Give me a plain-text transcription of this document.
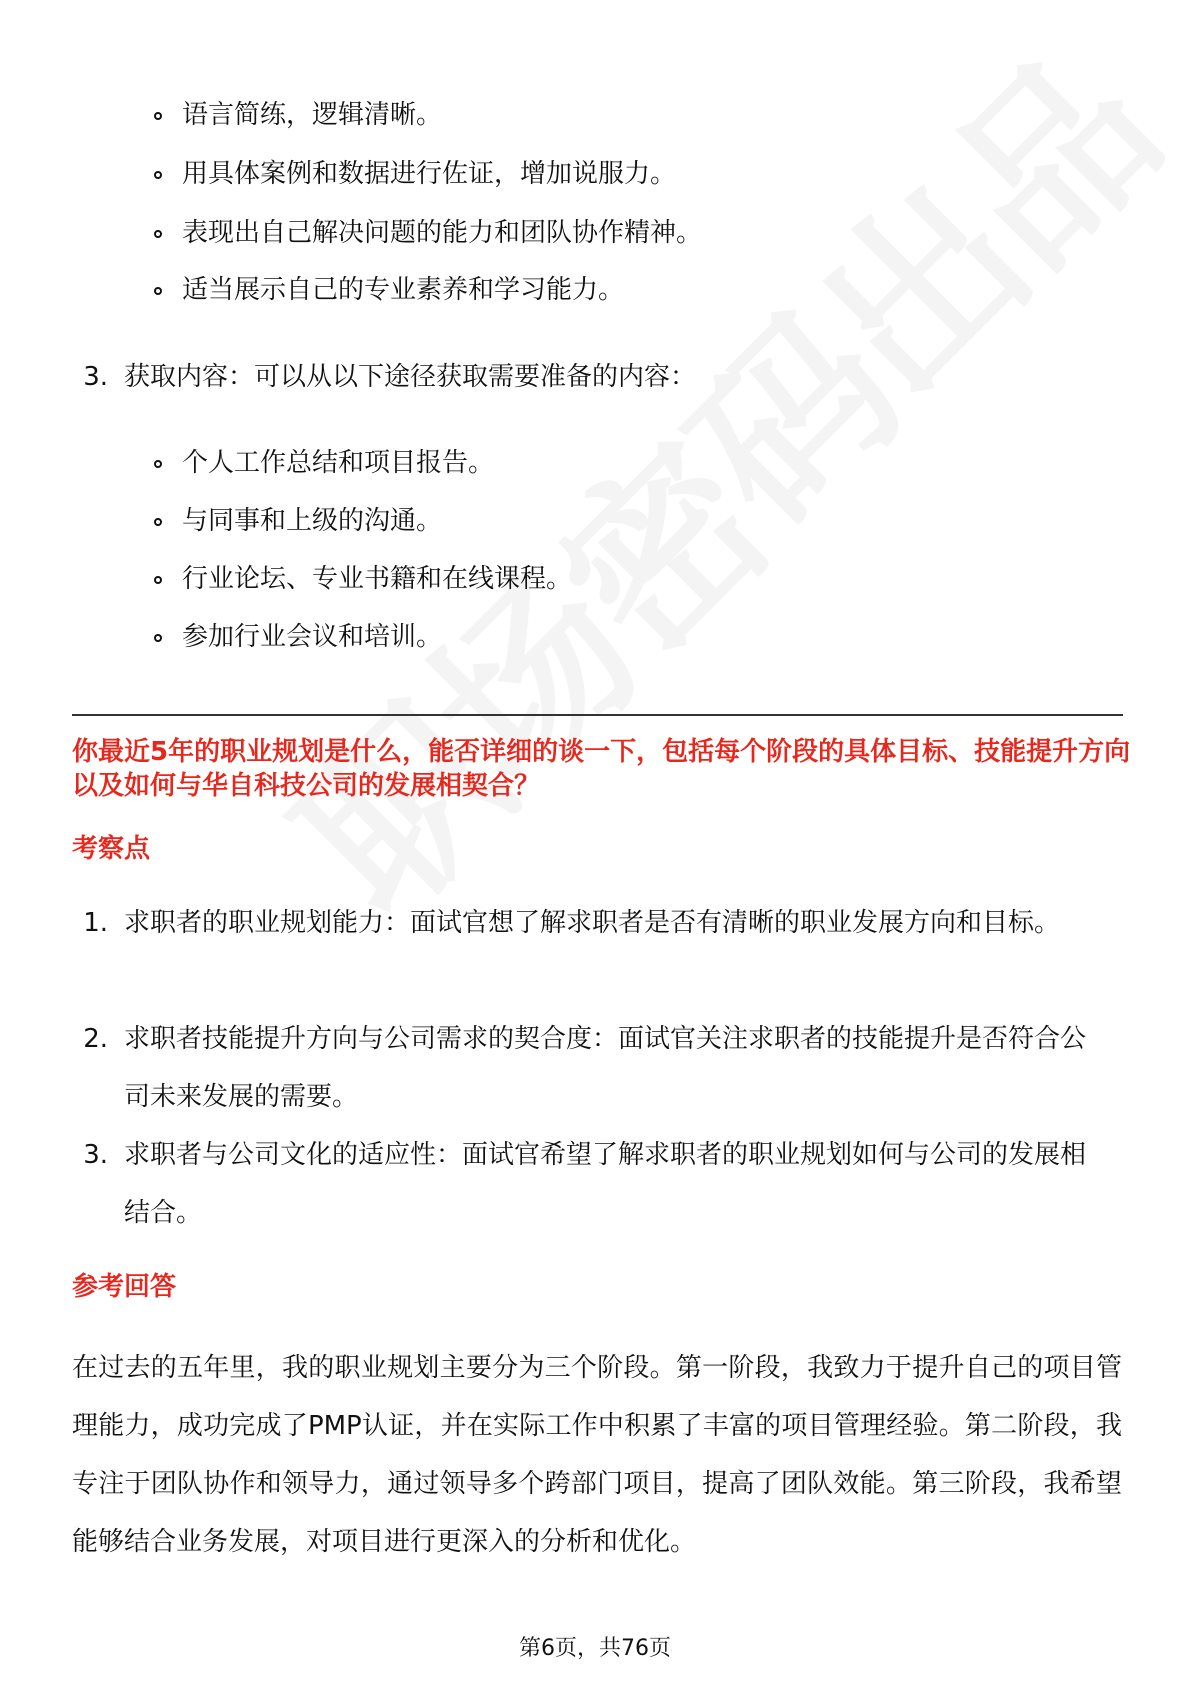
语言简练，逻辑清晰。
用具体案例和数据进行佐证，增加说服力。
表现出自己解决问题的能力和团队协作精神。
适当展示自己的专业素养和学习能力。
3. 获取内容：可以从以下途径获取需要准备的内容：
个人工作总结和项目报告。
与同事和上级的沟通。
行业论坛、专业书籍和在线课程。
参加行业会议和培训。
你最近5年的职业规划是什么，能否详细的谈一下，包括每个阶段的具体目标、技能提升方向以及如何与华自科技公司的发展相契合？
考察点
1. 求职者的职业规划能力：面试官想了解求职者是否有清晰的职业发展方向和目标。
2. 求职者技能提升方向与公司需求的契合度：面试官关注求职者的技能提升是否符合公司未来发展的需要。
3. 求职者与公司文化的适应性：面试官希望了解求职者的职业规划如何与公司的发展相结合。
参考回答
在过去的五年里，我的职业规划主要分为三个阶段。第一阶段，我致力于提升自己的项目管理能力，成功完成了PMP认证，并在实际工作中积累了丰富的项目管理经验。第二阶段，我专注于团队协作和领导力，通过领导多个跨部门项目，提高了团队效能。第三阶段，我希望能够结合业务发展，对项目进行更深入的分析和优化。
第6页，共76页
